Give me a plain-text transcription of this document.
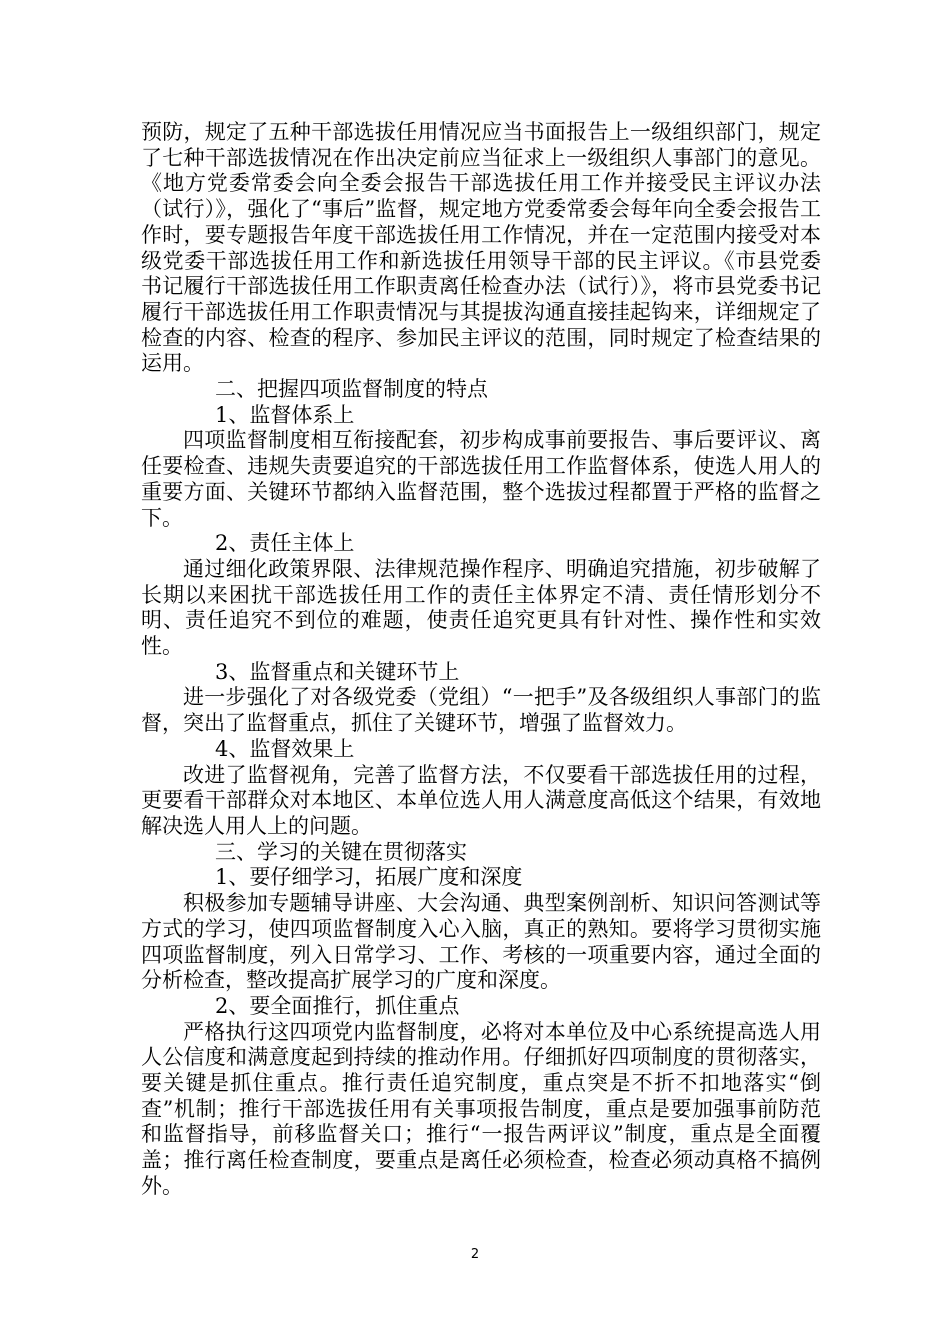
预防，规定了五种干部选拔任用情况应当书面报告上一级组织部门，规定了七种干部选拔情况在作出决定前应当征求上一级组织人事部门的意见。《地方党委常委会向全委会报告干部选拔任用工作并接受民主评议办法（试行）》，强化了“事后”监督，规定地方党委常委会每年向全委会报告工作时，要专题报告年度干部选拔任用工作情况，并在一定范围内接受对本级党委干部选拔任用工作和新选拔任用领导干部的民主评议。《市县党委书记履行干部选拔任用工作职责离任检查办法（试行）》，将市县党委书记履行干部选拔任用工作职责情况与其提拔沟通直接挂起钩来，详细规定了检查的内容、检查的程序、参加民主评议的范围，同时规定了检查结果的运用。

二、把握四项监督制度的特点

1、监督体系上

四项监督制度相互衔接配套，初步构成事前要报告、事后要评议、离任要检查、违规失责要追究的干部选拔任用工作监督体系，使选人用人的重要方面、关键环节都纳入监督范围，整个选拔过程都置于严格的监督之下。

2、责任主体上

通过细化政策界限、法律规范操作程序、明确追究措施，初步破解了长期以来困扰干部选拔任用工作的责任主体界定不清、责任情形划分不明、责任追究不到位的难题，使责任追究更具有针对性、操作性和实效性。

3、监督重点和关键环节上

进一步强化了对各级党委（党组）“一把手”及各级组织人事部门的监督，突出了监督重点，抓住了关键环节，增强了监督效力。

4、监督效果上

改进了监督视角，完善了监督方法，不仅要看干部选拔任用的过程，更要看干部群众对本地区、本单位选人用人满意度高低这个结果，有效地解决选人用人上的问题。

三、学习的关键在贯彻落实

1、要仔细学习，拓展广度和深度

积极参加专题辅导讲座、大会沟通、典型案例剖析、知识问答测试等方式的学习，使四项监督制度入心入脑，真正的熟知。要将学习贯彻实施四项监督制度，列入日常学习、工作、考核的一项重要内容，通过全面的分析检查，整改提高扩展学习的广度和深度。

2、要全面推行，抓住重点

严格执行这四项党内监督制度，必将对本单位及中心系统提高选人用人公信度和满意度起到持续的推动作用。仔细抓好四项制度的贯彻落实，要关键是抓住重点。推行责任追究制度，重点突是不折不扣地落实“倒查”机制；推行干部选拔任用有关事项报告制度，重点是要加强事前防范和监督指导，前移监督关口；推行“一报告两评议”制度，重点是全面覆盖；推行离任检查制度，要重点是离任必须检查，检查必须动真格不搞例外。

2
